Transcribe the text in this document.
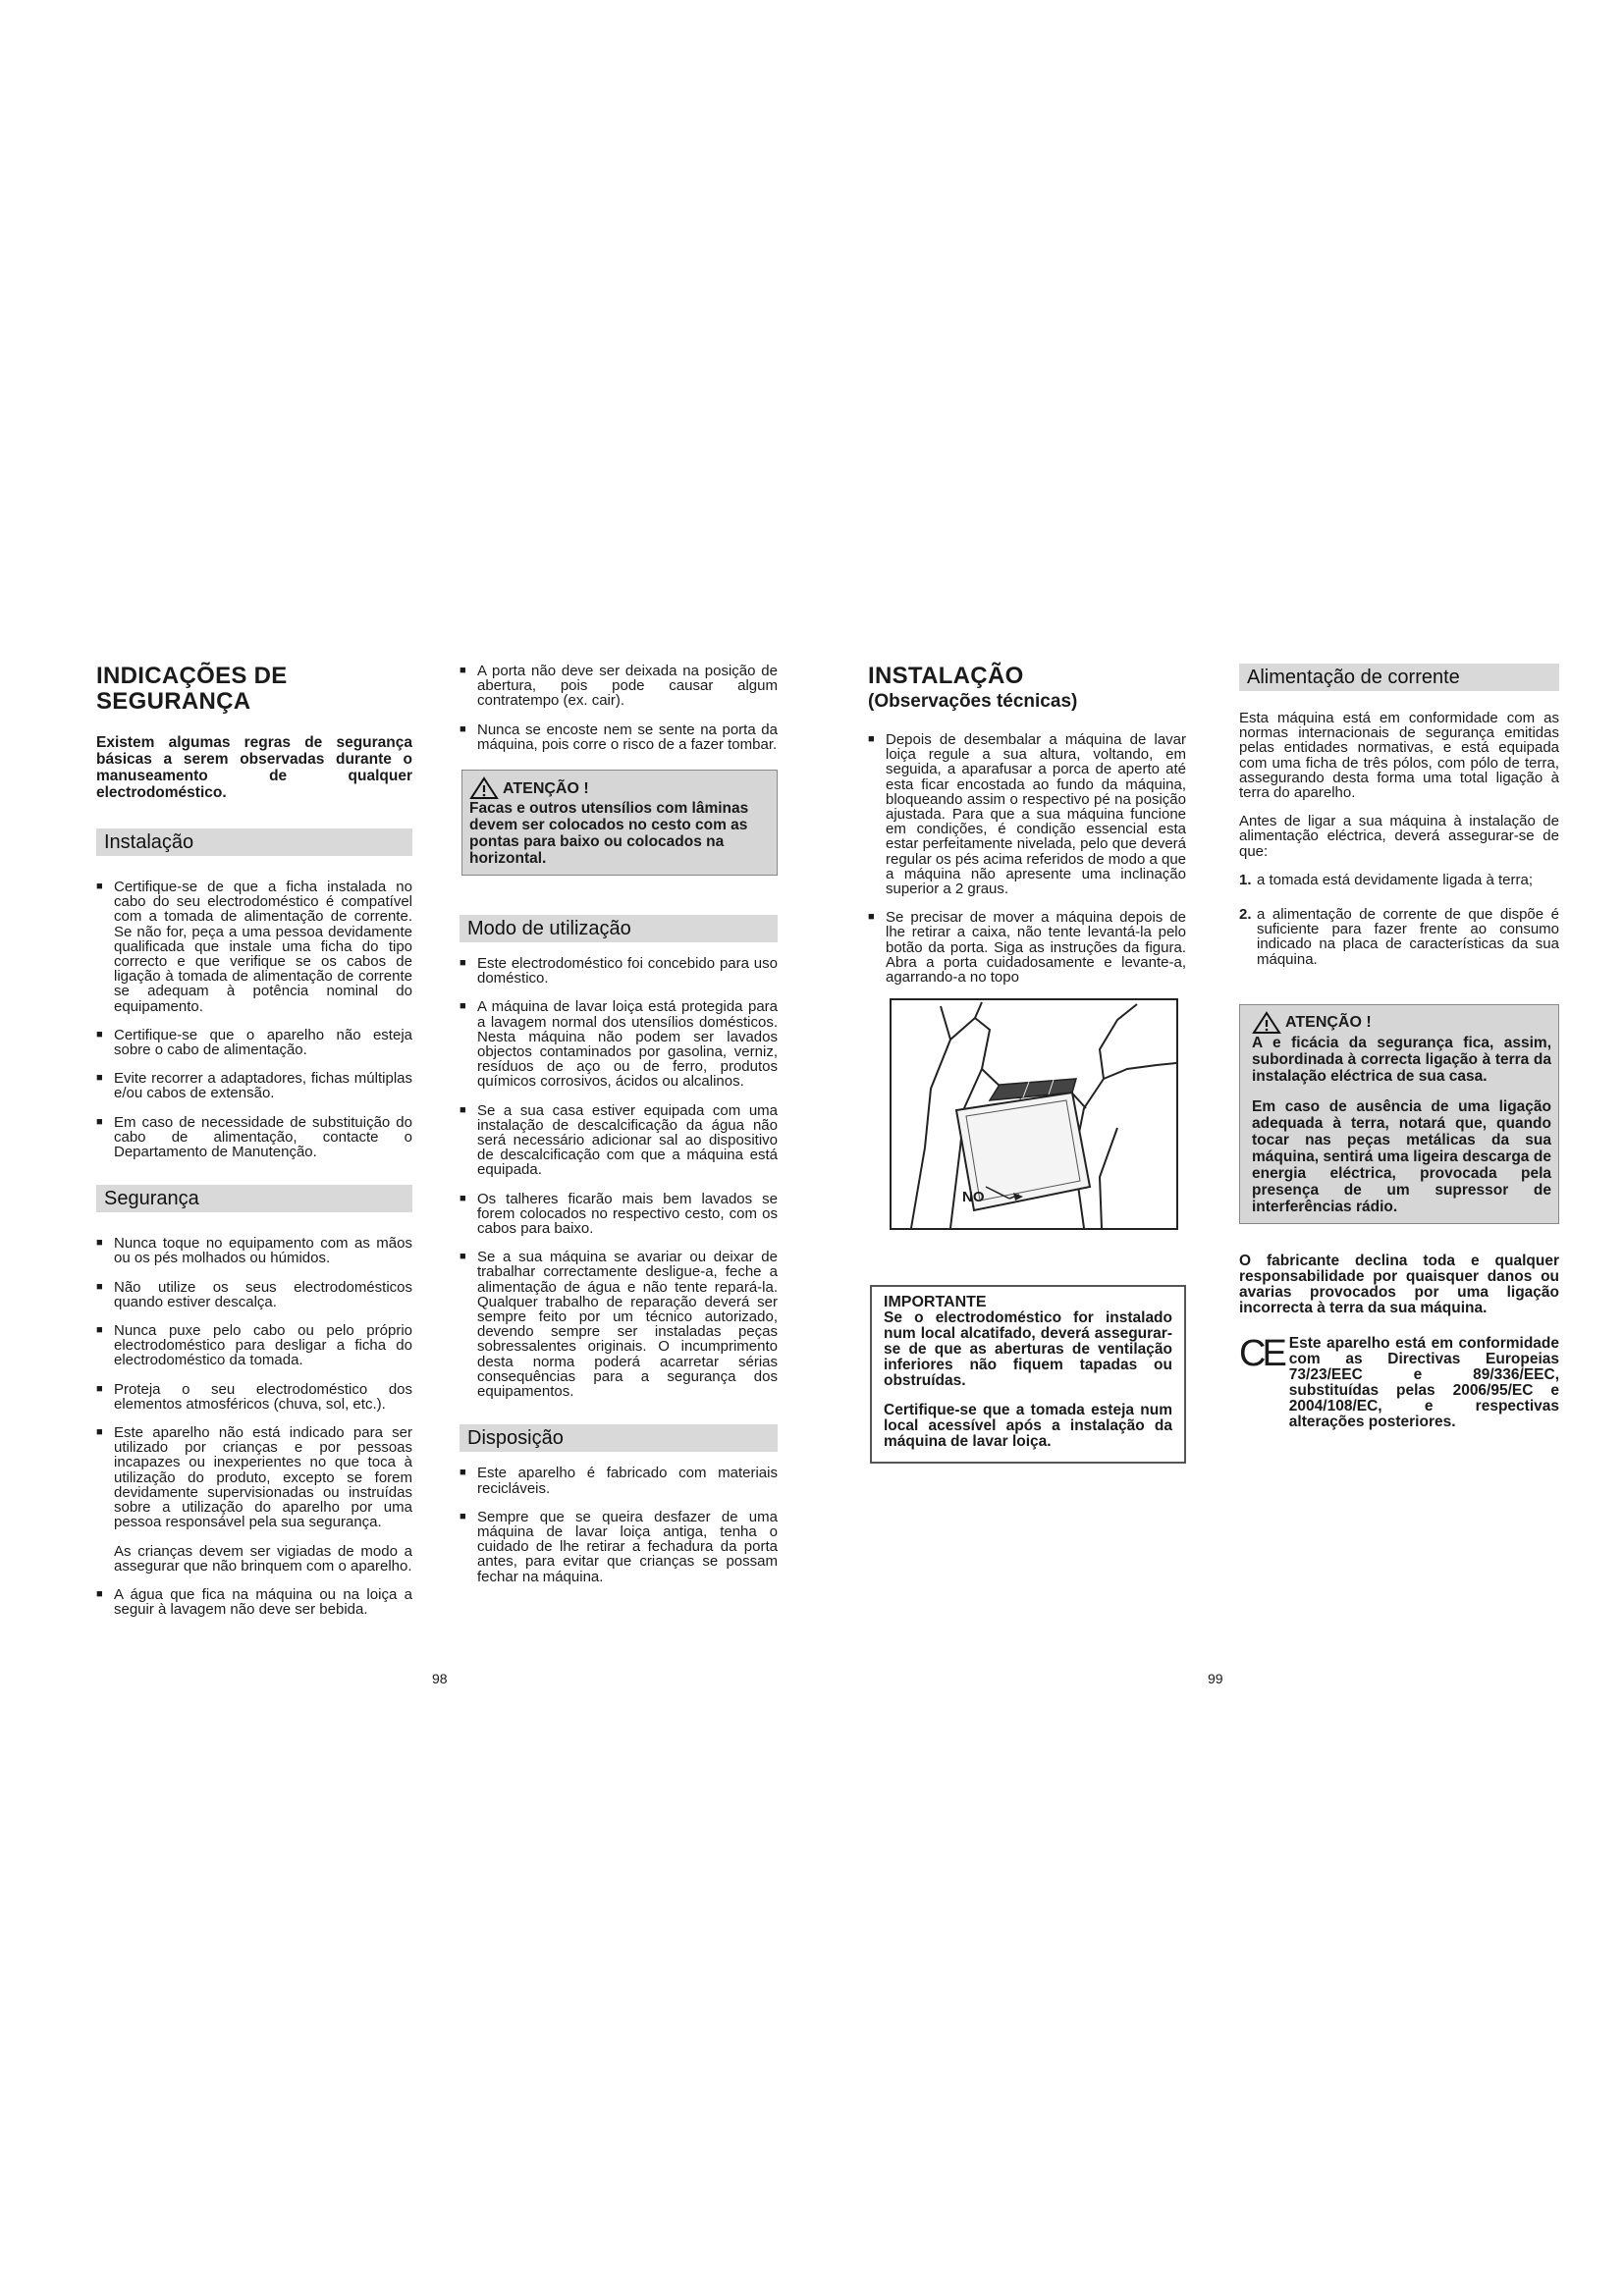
INDICAÇÕES DE SEGURANÇA

Existem algumas regras de segurança básicas a serem observadas durante o manuseamento de qualquer electrodoméstico.

Instalação
■ Certifique-se de que a ficha instalada no cabo do seu electrodoméstico é compatível com a tomada de alimentação de corrente. Se não for, peça a uma pessoa devidamente qualificada que instale uma ficha do tipo correcto e que verifique se os cabos de ligação à tomada de alimentação de corrente se adequam à potência nominal do equipamento.
■ Certifique-se que o aparelho não esteja sobre o cabo de alimentação.
■ Evite recorrer a adaptadores, fichas múltiplas e/ou cabos de extensão.
■ Em caso de necessidade de substituição do cabo de alimentação, contacte o Departamento de Manutenção.
Segurança
■ Nunca toque no equipamento com as mãos ou os pés molhados ou húmidos.
■ Não utilize os seus electrodomésticos quando estiver descalça.
■ Nunca puxe pelo cabo ou pelo próprio electrodoméstico para desligar a ficha do electrodoméstico da tomada.
■ Proteja o seu electrodoméstico dos elementos atmosféricos (chuva, sol, etc.).
■ Este aparelho não está indicado para ser utilizado por crianças e por pessoas incapazes ou inexperientes no que toca à utilização do produto, excepto se forem devidamente supervisionadas ou instruídas sobre a utilização do aparelho por uma pessoa responsável pela sua segurança.

As crianças devem ser vigiadas de modo a assegurar que não brinquem com o aparelho.

■ A água que fica na máquina ou na loiça a seguir à lavagem não deve ser bebida.
98
■ A porta não deve ser deixada na posição de abertura, pois pode causar algum contratempo (ex. cair).
■ Nunca se encoste nem se sente na porta da máquina, pois corre o risco de a fazer tombar.
ATENÇÃO !
Facas e outros utensílios com lâminas devem ser colocados no cesto com as pontas para baixo ou colocados na horizontal.
Modo de utilização
■ Este electrodoméstico foi concebido para uso doméstico.
■ A máquina de lavar loiça está protegida para a lavagem normal dos utensílios domésticos. Nesta máquina não podem ser lavados objectos contaminados por gasolina, verniz, resíduos de aço ou de ferro, produtos químicos corrosivos, ácidos ou alcalinos.
■ Se a sua casa estiver equipada com uma instalação de descalcificação da água não será necessário adicionar sal ao dispositivo de descalcificação com que a máquina está equipada.
■ Os talheres ficarão mais bem lavados se forem colocados no respectivo cesto, com os cabos para baixo.
■ Se a sua máquina se avariar ou deixar de trabalhar correctamente desligue-a, feche a alimentação de água e não tente repará-la. Qualquer trabalho de reparação deverá ser sempre feito por um técnico autorizado, devendo sempre ser instaladas peças sobressalentes originais. O incumprimento desta norma poderá acarretar sérias consequências para a segurança dos equipamentos.
Disposição
■ Este aparelho é fabricado com materiais recicláveis.
■ Sempre que se queira desfazer de uma máquina de lavar loiça antiga, tenha o cuidado de lhe retirar a fechadura da porta antes, para evitar que crianças se possam fechar na máquina.
INSTALAÇÃO
(Observações técnicas)
■ Depois de desembalar a máquina de lavar loiça regule a sua altura, voltando, em seguida, a aparafusar a porca de aperto até esta ficar encostada ao fundo da máquina, bloqueando assim o respectivo pé na posição ajustada. Para que a sua máquina funcione em condições, é condição essencial esta estar perfeitamente nivelada, pelo que deverá regular os pés acima referidos de modo a que a máquina não apresente uma inclinação superior a 2 graus.
■ Se precisar de mover a máquina depois de lhe retirar a caixa, não tente levantá-la pelo botão da porta. Siga as instruções da figura. Abra a porta cuidadosamente e levante-a, agarrando-a no topo
NO
IMPORTANTE

Se o electrodoméstico for instalado num local alcatifado, deverá assegurar-se de que as aberturas de ventilação inferiores não fiquem tapadas ou obstruídas.

Certifique-se que a tomada esteja num local acessível após a instalação da máquina de lavar loiça.

99
Alimentação de corrente

Esta máquina está em conformidade com as normas internacionais de segurança emitidas pelas entidades normativas, e está equipada com uma ficha de três pólos, com pólo de terra, assegurando desta forma uma total ligação à terra do aparelho.

Antes de ligar a sua máquina à instalação de alimentação eléctrica, deverá assegurar-se de que:

1. a tomada está devidamente ligada à terra;
2. a alimentação de corrente de que dispõe é suficiente para fazer frente ao consumo indicado na placa de características da sua máquina.
ATENÇÃO !

A e ficácia da segurança fica, assim, subordinada à correcta ligação à terra da instalação eléctrica de sua casa.

Em caso de ausência de uma ligação adequada à terra, notará que, quando tocar nas peças metálicas da sua máquina, sentirá uma ligeira descarga de energia eléctrica, provocada pela presença de um supressor de interferências rádio.

O fabricante declina toda e qualquer responsabilidade por quaisquer danos ou avarias provocados por uma ligação incorrecta à terra da sua máquina.

CE Este aparelho está em conformidade com as Directivas Europeias 73/23/EEC e 89/336/EEC, substituídas pelas 2006/95/EC e 2004/108/EC, e respectivas alterações posteriores.
